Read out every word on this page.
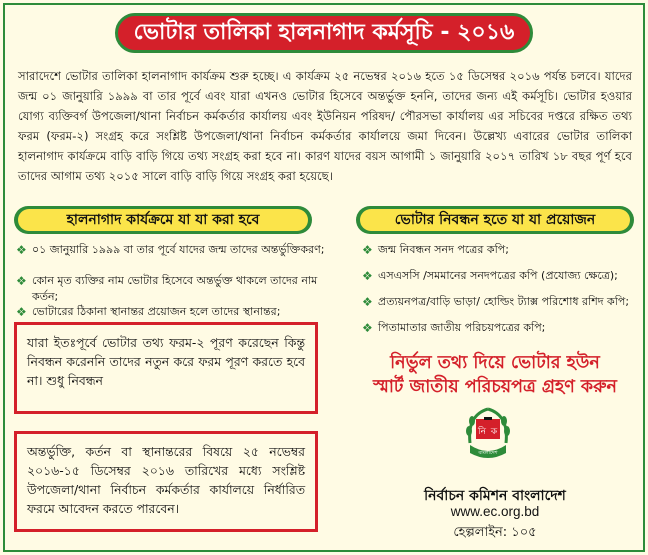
ভোটার তালিকা হালনাগাদ কর্মসূচি - ২০১৬

সারাদেশে ভোটার তালিকা হালনাগাদ কার্যক্রম শুরু হচ্ছে। এ কার্যক্রম ২৫ নভেম্বর ২০১৬ হতে ১৫ ডিসেম্বর ২০১৬ পর্যন্ত চলবে। যাদের জন্ম ০১ জানুয়ারি ১৯৯৯ বা তার পূর্বে এবং যারা এখনও ভোটার হিসেবে অন্তর্ভুক্ত হননি, তাদের জন্য এই কর্মসূচি। ভোটার হওয়ার যোগ্য ব্যক্তিবর্গ উপজেলা/থানা নির্বাচন কর্মকর্তার কার্যালয় এবং ইউনিয়ন পরিষদ/ পৌরসভা কার্যালয় এর সচিবের দপ্তরে রক্ষিত তথ্য ফরম (ফরম-২) সংগ্রহ করে সংশ্লিষ্ট উপজেলা/থানা নির্বাচন কর্মকর্তার কার্যালয়ে জমা দিবেন। উল্লেখ্য এবারের ভোটার তালিকা হালনাগাদ কার্যক্রমে বাড়ি বাড়ি গিয়ে তথ্য সংগ্রহ করা হবে না। কারণ যাদের বয়স আগামী ১ জানুয়ারি ২০১৭ তারিখ ১৮ বছর পূর্ণ হবে তাদের আগাম তথ্য ২০১৫ সালে বাড়ি বাড়ি গিয়ে সংগ্রহ করা হয়েছে।

হালনাগাদ কার্যক্রমে যা যা করা হবে	ভোটার নিবন্ধন হতে যা যা প্রয়োজন
❖ ০১ জানুয়ারি ১৯৯৯ বা তার পূর্বে যাদের জন্ম তাদের অন্তর্ভুক্তিকরণ;
❖ কোন মৃত ব্যক্তির নাম ভোটার হিসেবে অন্তর্ভুক্ত থাকলে তাদের নাম কর্তন;
❖ ভোটারের ঠিকানা স্থানান্তর প্রয়োজন হলে তাদের স্থানান্তর;
❖ জন্ম নিবন্ধন সনদ পত্রের কপি;
❖ এসএসসি /সমমানের সনদপত্রের কপি (প্রযোজ্য ক্ষেত্রে);
❖ প্রত্যয়নপত্র/বাড়ি ভাড়া/ হোল্ডিং ট্যাক্স পরিশোধ রশিদ কপি;
❖ পিতামাতার জাতীয় পরিচয়পত্রের কপি;
যারা ইতঃপূর্বে ভোটার তথ্য ফরম-২ পূরণ করেছেন কিন্তু নিবন্ধন করেননি তাদের নতুন করে ফরম পূরণ করতে হবে না। শুধু নিবন্ধন
অন্তর্ভুক্তি, কর্তন বা স্থানান্তরের বিষয়ে ২৫ নভেম্বর ২০১৬-১৫ ডিসেম্বর ২০১৬ তারিখের মধ্যে সংশ্লিষ্ট উপজেলা/থানা নির্বাচন কর্মকর্তার কার্যালয়ে নির্ধারিত ফরমে আবেদন করতে পারবেন।
নির্ভুল তথ্য দিয়ে ভোটার হউন
স্মার্ট জাতীয় পরিচয়পত্র গ্রহণ করুন
নি ক
বাংলাদেশ
নির্বাচন কমিশন বাংলাদেশ
www.ec.org.bd
হেল্পলাইন: ১০৫
